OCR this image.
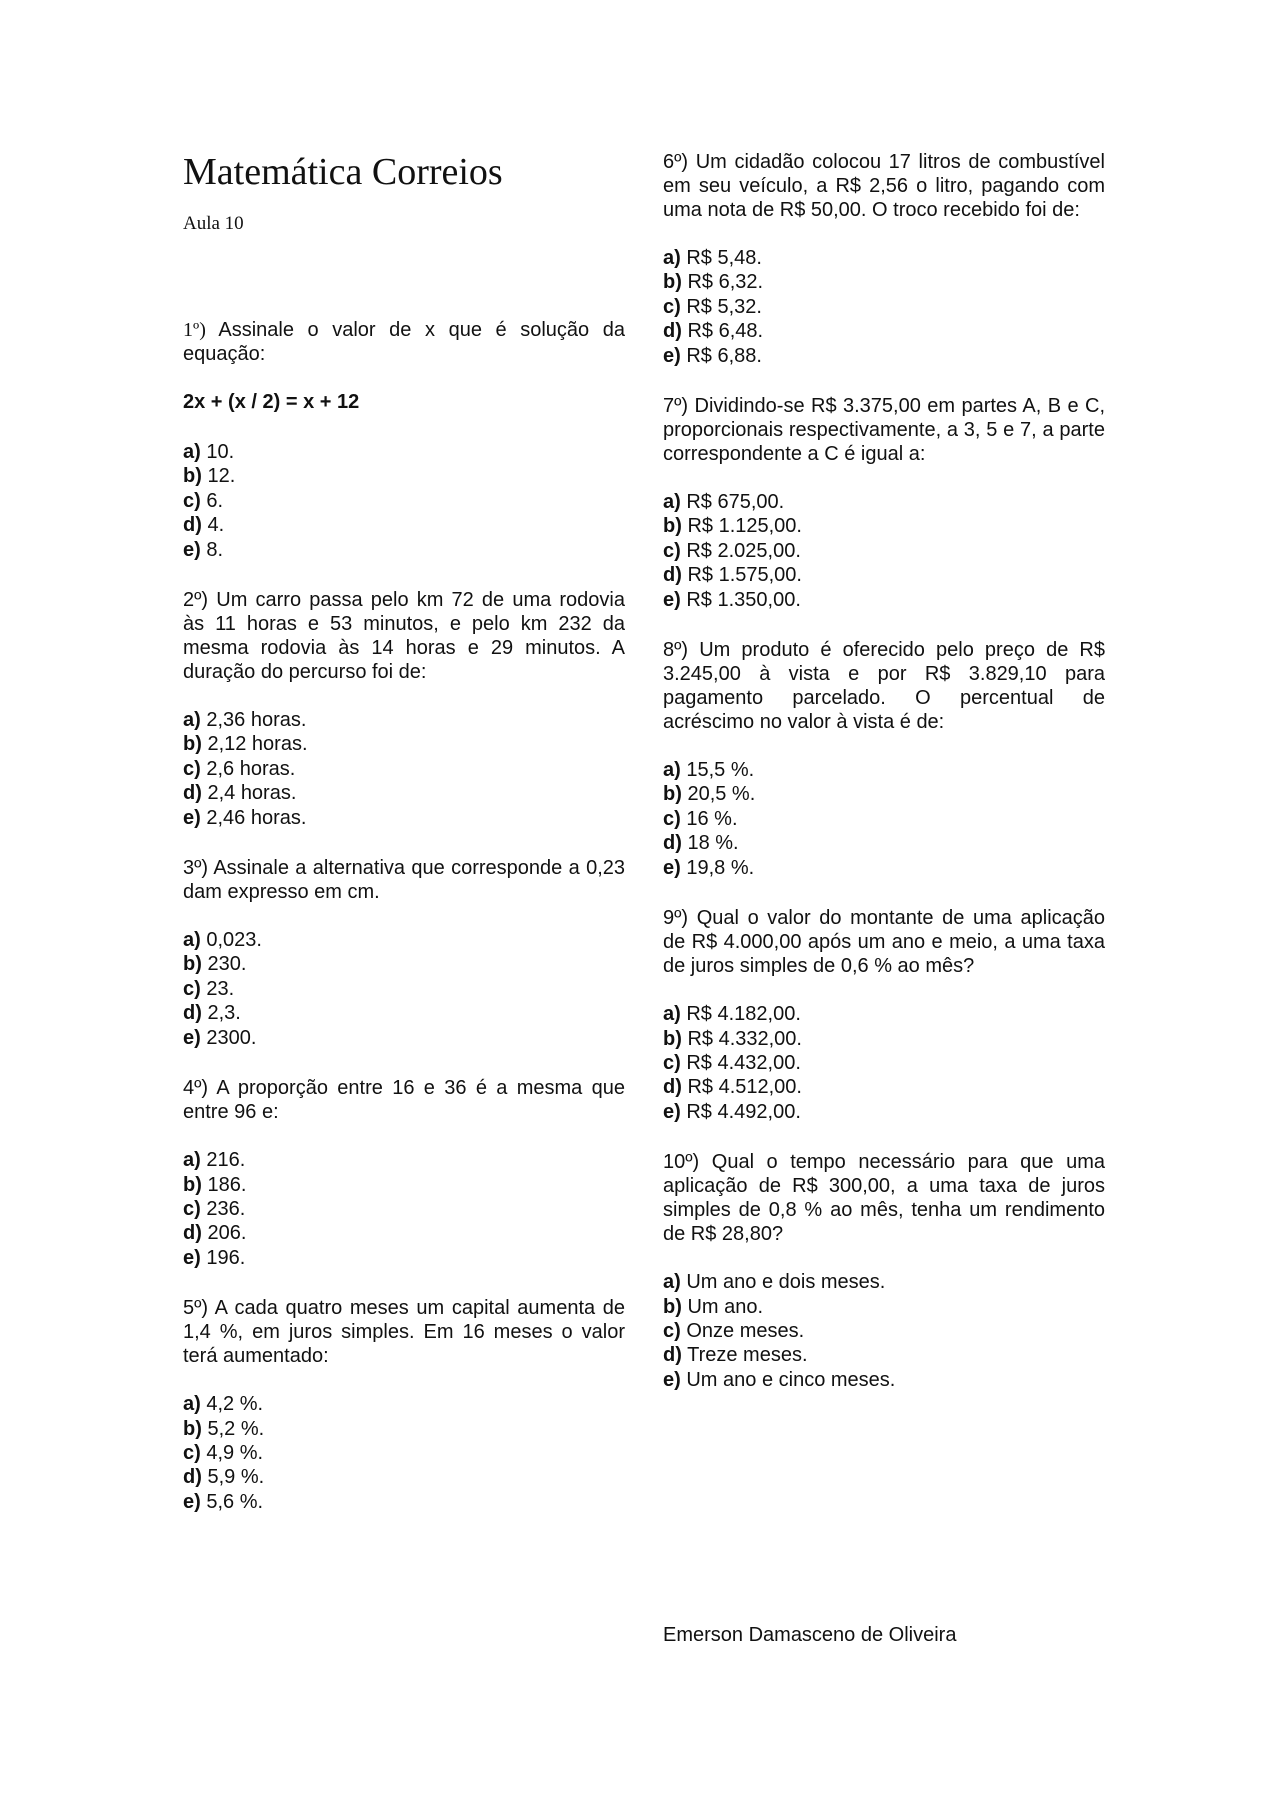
Matemática Correios
Aula 10

1º) Assinale o valor de x que é solução da equação:

2x + (x / 2) = x + 12
a) 10.
b) 12.
c) 6.
d) 4.
e) 8.

2º) Um carro passa pelo km 72 de uma rodovia às 11 horas e 53 minutos, e pelo km 232 da mesma rodovia às 14 horas e 29 minutos. A duração do percurso foi de:

a) 2,36 horas.
b) 2,12 horas.
c) 2,6 horas.
d) 2,4 horas.
e) 2,46 horas.

3º) Assinale a alternativa que corresponde a 0,23 dam expresso em cm.

a) 0,023.
b) 230.
c) 23.
d) 2,3.
e) 2300.

4º) A proporção entre 16 e 36 é a mesma que entre 96 e:

a) 216.
b) 186.
c) 236.
d) 206.
e) 196.

5º) A cada quatro meses um capital aumenta de 1,4 %, em juros simples. Em 16 meses o valor terá aumentado:

a) 4,2 %.
b) 5,2 %.
c) 4,9 %.
d) 5,9 %.
e) 5,6 %.

6º) Um cidadão colocou 17 litros de combustível em seu veículo, a R$ 2,56 o litro, pagando com uma nota de R$ 50,00. O troco recebido foi de:

a) R$ 5,48.
b) R$ 6,32.
c) R$ 5,32.
d) R$ 6,48.
e) R$ 6,88.

7º) Dividindo-se R$ 3.375,00 em partes A, B e C, proporcionais respectivamente, a 3, 5 e 7, a parte correspondente a C é igual a:

a) R$ 675,00.
b) R$ 1.125,00.
c) R$ 2.025,00.
d) R$ 1.575,00.
e) R$ 1.350,00.

8º) Um produto é oferecido pelo preço de R$ 3.245,00 à vista e por R$ 3.829,10 para pagamento parcelado. O percentual de acréscimo no valor à vista é de:

a) 15,5 %.
b) 20,5 %.
c) 16 %.
d) 18 %.
e) 19,8 %.

9º) Qual o valor do montante de uma aplicação de R$ 4.000,00 após um ano e meio, a uma taxa de juros simples de 0,6 % ao mês?

a) R$ 4.182,00.
b) R$ 4.332,00.
c) R$ 4.432,00.
d) R$ 4.512,00.
e) R$ 4.492,00.

10º) Qual o tempo necessário para que uma aplicação de R$ 300,00, a uma taxa de juros simples de 0,8 % ao mês, tenha um rendimento de R$ 28,80?

a) Um ano e dois meses.
b) Um ano.
c) Onze meses.
d) Treze meses.
e) Um ano e cinco meses.
Emerson Damasceno de Oliveira
